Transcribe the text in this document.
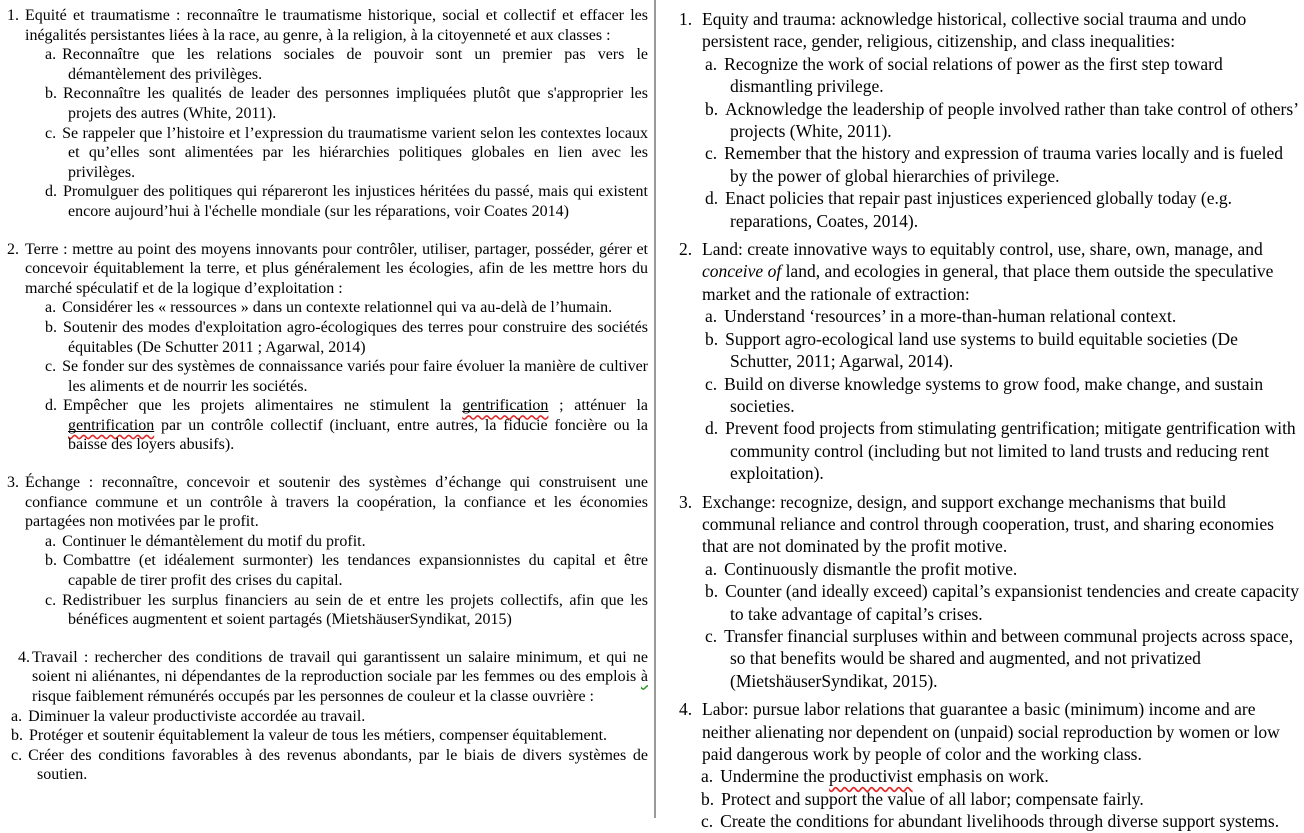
1. Equité et traumatisme : reconnaître le traumatisme historique, social et collectif et effacer les inégalités persistantes liées à la race, au genre, à la religion, à la citoyenneté et aux classes :
a. Reconnaître que les relations sociales de pouvoir sont un premier pas vers le démantèlement des privilèges.
b. Reconnaître les qualités de leader des personnes impliquées plutôt que s'approprier les projets des autres (White, 2011).
c. Se rappeler que l’histoire et l’expression du traumatisme varient selon les contextes locaux et qu’elles sont alimentées par les hiérarchies politiques globales en lien avec les privilèges.
d. Promulguer des politiques qui répareront les injustices héritées du passé, mais qui existent encore aujourd’hui à l'échelle mondiale (sur les réparations, voir Coates 2014)
2. Terre : mettre au point des moyens innovants pour contrôler, utiliser, partager, posséder, gérer et concevoir équitablement la terre, et plus généralement les écologies, afin de les mettre hors du marché spéculatif et de la logique d’exploitation :
a. Considérer les « ressources » dans un contexte relationnel qui va au-delà de l’humain.
b. Soutenir des modes d'exploitation agro-écologiques des terres pour construire des sociétés équitables (De Schutter 2011 ; Agarwal, 2014)
c. Se fonder sur des systèmes de connaissance variés pour faire évoluer la manière de cultiver les aliments et de nourrir les sociétés.
d. Empêcher que les projets alimentaires ne stimulent la gentrification ; atténuer la gentrification par un contrôle collectif (incluant, entre autres, la fiducie foncière ou la baisse des loyers abusifs).
3. Échange : reconnaître, concevoir et soutenir des systèmes d’échange qui construisent une confiance commune et un contrôle à travers la coopération, la confiance et les économies partagées non motivées par le profit.
a. Continuer le démantèlement du motif du profit.
b. Combattre (et idéalement surmonter) les tendances expansionnistes du capital et être capable de tirer profit des crises du capital.
c. Redistribuer les surplus financiers au sein de et entre les projets collectifs, afin que les bénéfices augmentent et soient partagés (MietshäuserSyndikat, 2015)
4. Travail : rechercher des conditions de travail qui garantissent un salaire minimum, et qui ne soient ni aliénantes, ni dépendantes de la reproduction sociale par les femmes ou des emplois à risque faiblement rémunérés occupés par les personnes de couleur et la classe ouvrière :
a. Diminuer la valeur productiviste accordée au travail.
b. Protéger et soutenir équitablement la valeur de tous les métiers, compenser équitablement.
c. Créer des conditions favorables à des revenus abondants, par le biais de divers systèmes de soutien.
1. Equity and trauma: acknowledge historical, collective social trauma and undo persistent race, gender, religious, citizenship, and class inequalities:
a. Recognize the work of social relations of power as the first step toward dismantling privilege.
b. Acknowledge the leadership of people involved rather than take control of others’ projects (White, 2011).
c. Remember that the history and expression of trauma varies locally and is fueled by the power of global hierarchies of privilege.
d. Enact policies that repair past injustices experienced globally today (e.g. reparations, Coates, 2014).
2. Land: create innovative ways to equitably control, use, share, own, manage, and conceive of land, and ecologies in general, that place them outside the speculative market and the rationale of extraction:
a. Understand ‘resources’ in a more-than-human relational context.
b. Support agro-ecological land use systems to build equitable societies (De Schutter, 2011; Agarwal, 2014).
c. Build on diverse knowledge systems to grow food, make change, and sustain societies.
d. Prevent food projects from stimulating gentrification; mitigate gentrification with community control (including but not limited to land trusts and reducing rent exploitation).
3. Exchange: recognize, design, and support exchange mechanisms that build communal reliance and control through cooperation, trust, and sharing economies that are not dominated by the profit motive.
a. Continuously dismantle the profit motive.
b. Counter (and ideally exceed) capital’s expansionist tendencies and create capacity to take advantage of capital’s crises.
c. Transfer financial surpluses within and between communal projects across space, so that benefits would be shared and augmented, and not privatized (MietshäuserSyndikat, 2015).
4. Labor: pursue labor relations that guarantee a basic (minimum) income and are neither alienating nor dependent on (unpaid) social reproduction by women or low paid dangerous work by people of color and the working class.
a. Undermine the productivist emphasis on work.
b. Protect and support the value of all labor; compensate fairly.
c. Create the conditions for abundant livelihoods through diverse support systems.
